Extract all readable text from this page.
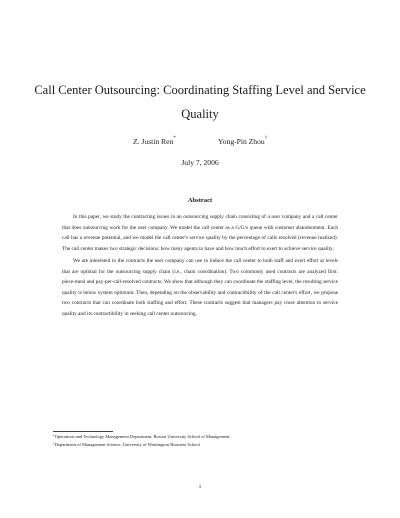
Call Center Outsourcing: Coordinating Staffing Level and Service Quality
Z. Justin Ren*	Yong-Pin Zhou†
July 7, 2006
Abstract

In this paper, we study the contracting issues in an outsourcing supply chain consisting of a user company and a call center that does outsourcing work for the user company. We model the call center as a G/G/s queue with customer abandonment. Each call has a revenue potential, and we model the call center's service quality by the percentage of calls resolved (revenue realized). The call center makes two strategic decisions: how many agents to have and how much effort to exert to achieve service quality.

We are interested in the contracts the user company can use to induce the call center to both staff and exert effort at levels that are optimal for the outsourcing supply chain (i.e., chain coordination). Two commonly used contracts are analyzed first: piece-meal and pay-per-call-resolved contracts. We show that although they can coordinate the staffing level, the resulting service quality is below system optimum. Then, depending on the observability and contractibility of the call center's effort, we propose two contracts that can coordinate both staffing and effort. These contracts suggest that managers pay close attention to service quality and its contractibility in seeking call center outsourcing.

*Operations and Technology Management Department, Boston University School of Management.
†Department of Management Science, University of Washington Business School
1
